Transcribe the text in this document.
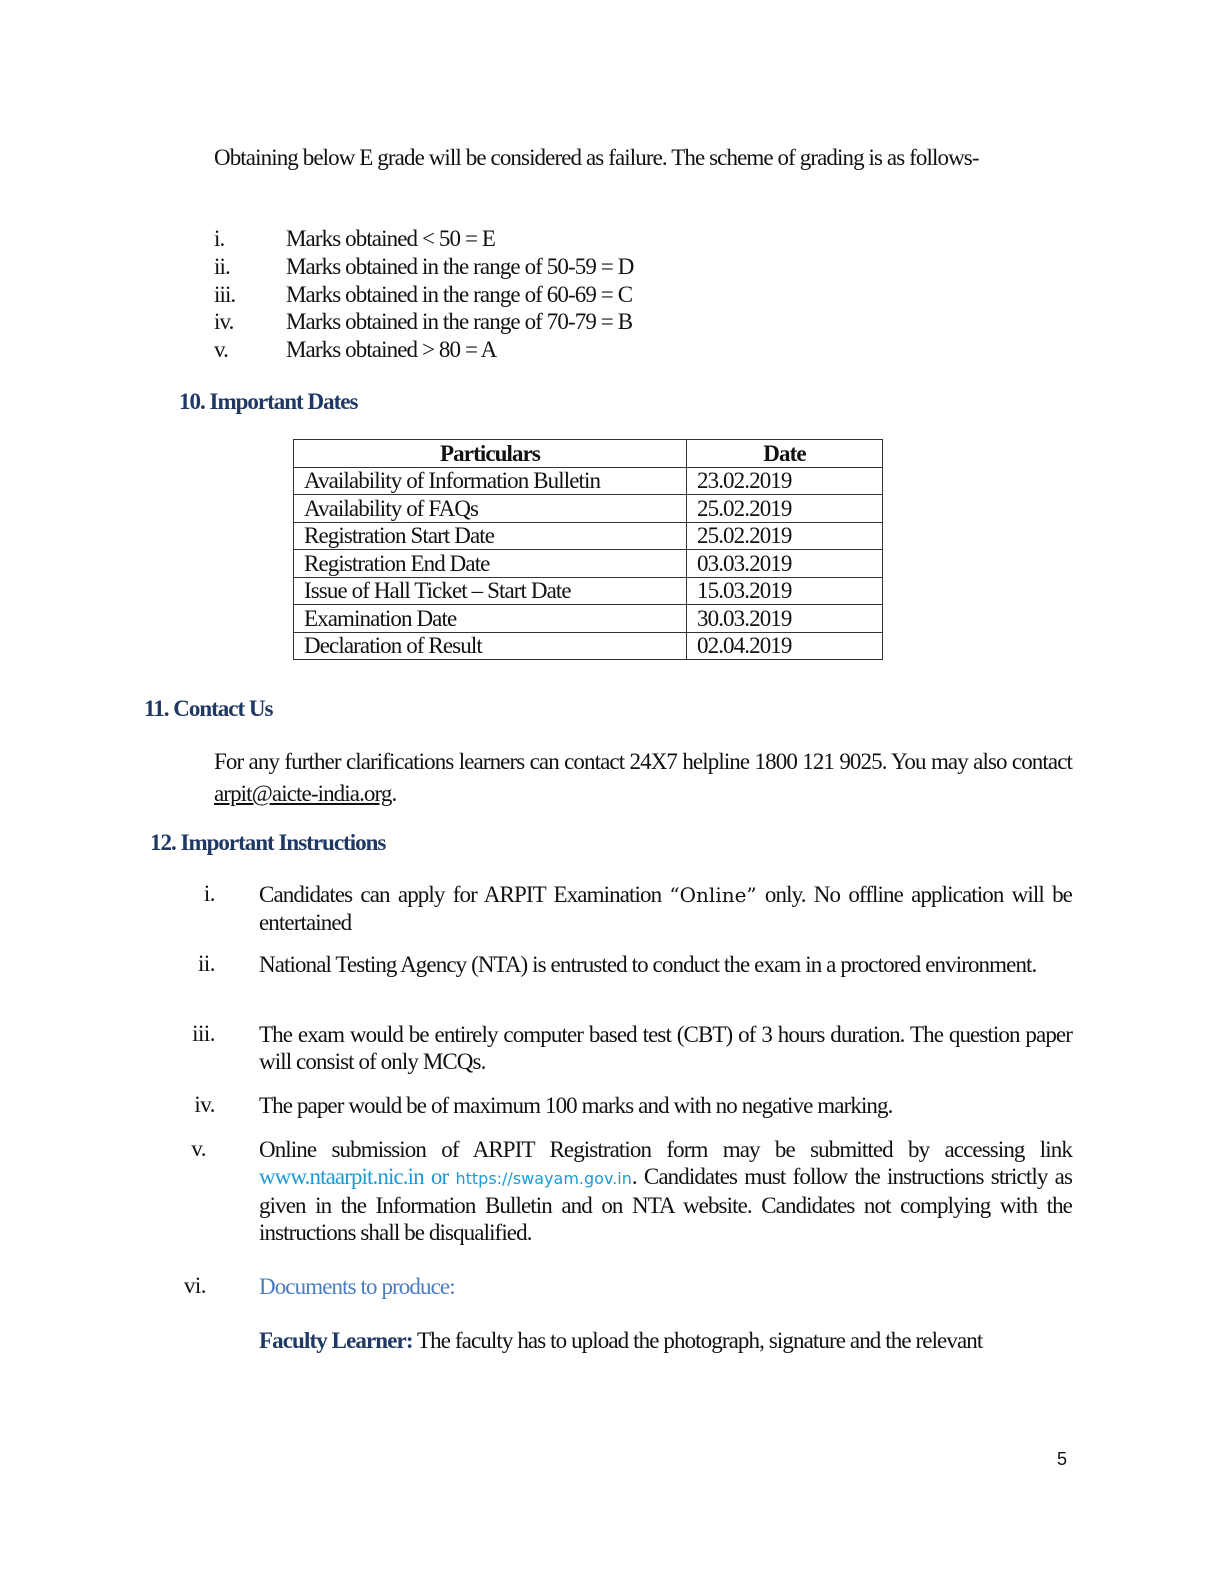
Obtaining below E grade will be considered as failure. The scheme of grading is as follows-
i.	Marks obtained < 50 = E
ii. Marks obtained in the range of 50-59 = D
iii. Marks obtained in the range of 60-69 = C
iv. Marks obtained in the range of 70-79 = B
v.	Marks obtained > 80 = A
10. Important Dates
Particulars	Date
Availability of Information Bulletin	23.02.2019
Availability of FAQs	25.02.2019
Registration Start Date	25.02.2019
Registration End Date	03.03.2019
Issue of Hall Ticket – Start Date	15.03.2019
Examination Date	30.03.2019
Declaration of Result	02.04.2019
11. Contact Us
For any further clarifications learners can contact 24X7 helpline 1800 121 9025. You may also contact arpit@aicte-india.org.
12. Important Instructions
i. Candidates can apply for ARPIT Examination “Online” only. No offline application will be entertained
ii. National Testing Agency (NTA) is entrusted to conduct the exam in a proctored environment.
iii. The exam would be entirely computer based test (CBT) of 3 hours duration. The question paper will consist of only MCQs.
iv. The paper would be of maximum 100 marks and with no negative marking.
v. Online submission of ARPIT Registration form may be submitted by accessing link www.ntaarpit.nic.in or https://swayam.gov.in. Candidates must follow the instructions strictly as given in the Information Bulletin and on NTA website. Candidates not complying with the instructions shall be disqualified.
vi. Documents to produce:
Faculty Learner: The faculty has to upload the photograph, signature and the relevant
5
